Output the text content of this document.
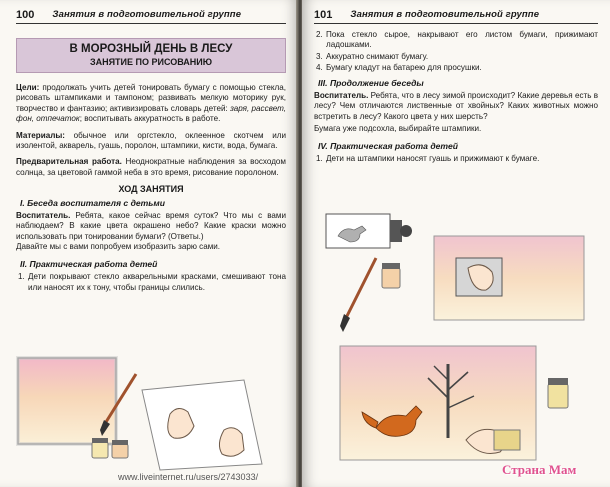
100 Занятия в подготовительной группе
В МОРОЗНЫЙ ДЕНЬ В ЛЕСУ
ЗАНЯТИЕ ПО РИСОВАНИЮ

Цели: продолжать учить детей тонировать бумагу с помощью стекла, рисовать штампиками и тампоном; развивать мелкую моторику рук, творчество и фантазию; активизировать словарь детей: заря, рассвет, фон, отпечаток; воспитывать аккуратность в работе.

Материалы: обычное или оргстекло, оклеенное скотчем или изолентой, акварель, гуашь, поролон, штампики, кисти, вода, бумага.

Предварительная работа. Неоднократные наблюдения за восходом солнца, за цветовой гаммой неба в это время, рисование поролоном.

ХОД ЗАНЯТИЯ
I. Беседа воспитателя с детьми

Воспитатель. Ребята, какое сейчас время суток? Что мы с вами наблюдаем? В какие цвета окрашено небо? Какие краски можно использовать при тонировании бумаги? (Ответы.)

Давайте мы с вами попробуем изобразить зарю сами.

II. Практическая работа детей
1. Дети покрывают стекло акварельными красками, смешивают тона или наносят их к тону, чтобы границы слились.
101 Занятия в подготовительной группе
2. Пока стекло сырое, накрывают его листом бумаги, прижимают ладошками.
3. Аккуратно снимают бумагу.
4. Бумагу кладут на батарею для просушки.
III. Продолжение беседы

Воспитатель. Ребята, что в лесу зимой происходит? Какие деревья есть в лесу? Чем отличаются лиственные от хвойных? Каких животных можно встретить в лесу? Какого цвета у них шерсть?

Бумага уже подсохла, выбирайте штампики.

IV. Практическая работа детей
1. Дети на штампики наносят гуашь и прижимают к бумаге.
www.liveinternet.ru/users/2743033/	Страна Мам
